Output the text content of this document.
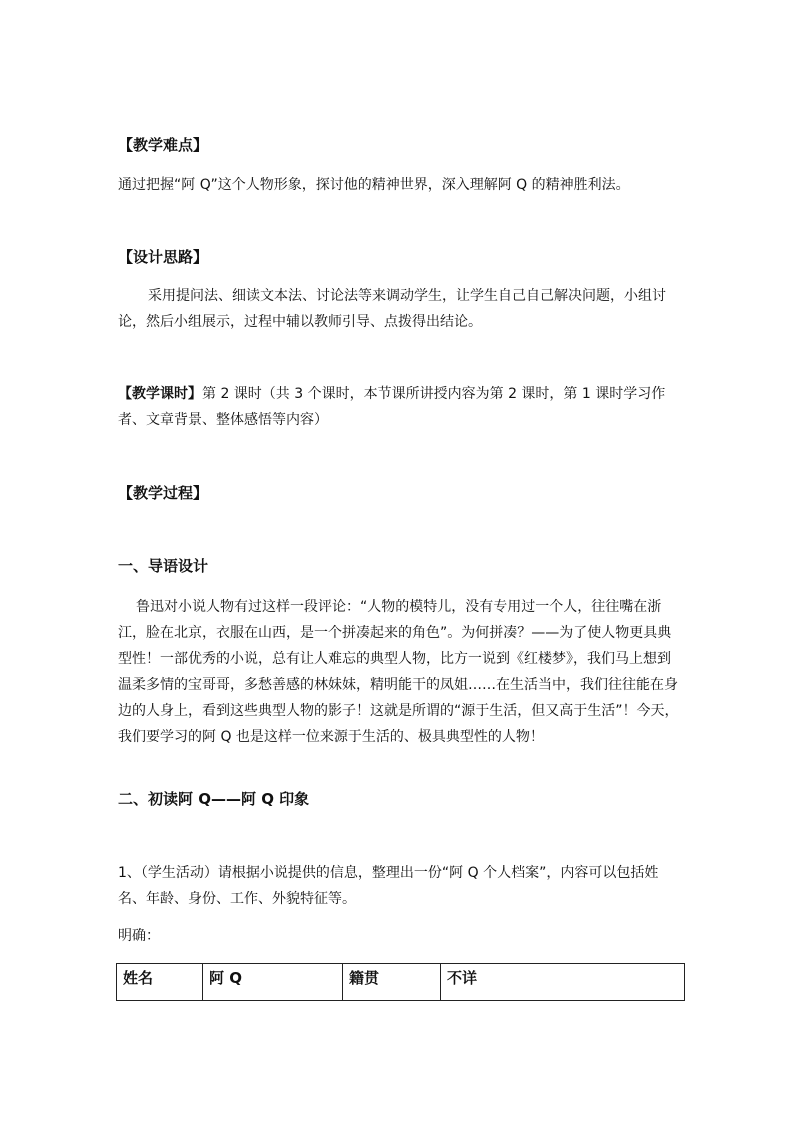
【教学难点】
通过把握“阿 Q”这个人物形象，探讨他的精神世界，深入理解阿 Q 的精神胜利法。
【设计思路】
采用提问法、细读文本法、讨论法等来调动学生，让学生自己自己解决问题，小组讨论，然后小组展示，过程中辅以教师引导、点拨得出结论。
【教学课时】第 2 课时（共 3 个课时，本节课所讲授内容为第 2 课时，第 1 课时学习作者、文章背景、整体感悟等内容）
【教学过程】
一、导语设计
鲁迅对小说人物有过这样一段评论：“人物的模特儿，没有专用过一个人，往往嘴在浙江，脸在北京，衣服在山西，是一个拼凑起来的角色”。为何拼凑？——为了使人物更具典型性！一部优秀的小说，总有让人难忘的典型人物，比方一说到《红楼梦》，我们马上想到温柔多情的宝哥哥，多愁善感的林妹妹，精明能干的凤姐……在生活当中，我们往往能在身边的人身上，看到这些典型人物的影子！这就是所谓的“源于生活，但又高于生活”！今天，我们要学习的阿 Q 也是这样一位来源于生活的、极具典型性的人物！
二、初读阿 Q——阿 Q 印象
1、（学生活动）请根据小说提供的信息，整理出一份“阿 Q 个人档案”，内容可以包括姓名、年龄、身份、工作、外貌特征等。
明确：
姓名	阿 Q	籍贯	不详
